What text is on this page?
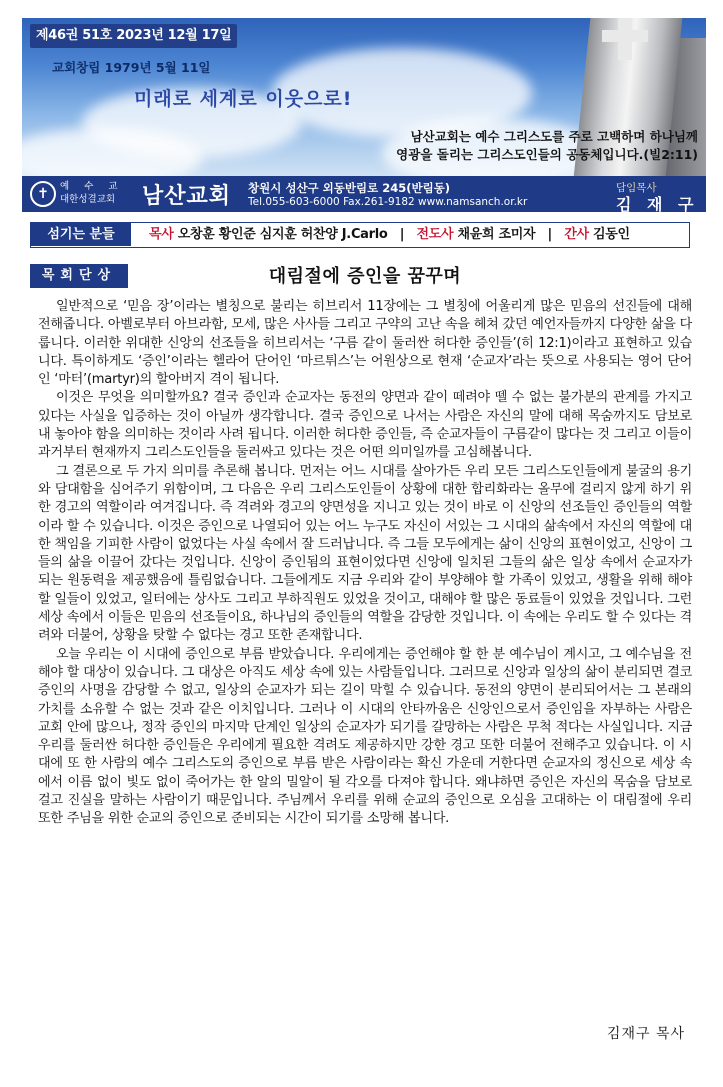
제46권 51호 2023년 12월 17일
교회창립 1979년 5월 11일
미래로 세계로 이웃으로!
남산교회는 예수 그리스도를 주로 고백하며 하나님께
영광을 돌리는 그리스도인들의 공동체입니다.(빌2:11)
✝	예 수 교
대한성결교회	남산교회 창원시 성산구 외동반림로 245(반림동)
Tel.055-603-6000 Fax.261-9182 www.namsanch.or.kr
담임목사
김 재 구
섬기는 분들	목사 오창훈 황인준 심지훈 허찬양 J.Carlo | 전도사 채윤희 조미자 | 간사 김동인
목회단상	대림절에 증인을 꿈꾸며

일반적으로 ‘믿음 장’이라는 별칭으로 불리는 히브리서 11장에는 그 별칭에 어울리게 많은 믿음의 선진들에 대해 전해줍니다. 아벨로부터 아브라함, 모세, 많은 사사들 그리고 구약의 고난 속을 헤쳐 갔던 예언자들까지 다양한 삶을 다룹니다. 이러한 위대한 신앙의 선조들을 히브리서는 ‘구름 같이 둘러싼 허다한 증인들’(히 12:1)이라고 표현하고 있습니다. 특이하게도 ‘증인’이라는 헬라어 단어인 ‘마르튀스’는 어원상으로 현재 ‘순교자’라는 뜻으로 사용되는 영어 단어인 ‘마터’(martyr)의 할아버지 격이 됩니다.

이것은 무엇을 의미할까요? 결국 증인과 순교자는 동전의 양면과 같이 떼려야 뗄 수 없는 불가분의 관계를 가지고 있다는 사실을 입증하는 것이 아닐까 생각합니다. 결국 증인으로 나서는 사람은 자신의 말에 대해 목숨까지도 담보로 내 놓아야 함을 의미하는 것이라 사려 됩니다. 이러한 허다한 증인들, 즉 순교자들이 구름같이 많다는 것 그리고 이들이 과거부터 현재까지 그리스도인들을 둘러싸고 있다는 것은 어떤 의미일까를 고심해봅니다.

그 결론으로 두 가지 의미를 추론해 봅니다. 먼저는 어느 시대를 살아가든 우리 모든 그리스도인들에게 불굴의 용기와 담대함을 심어주기 위함이며, 그 다음은 우리 그리스도인들이 상황에 대한 합리화라는 올무에 걸리지 않게 하기 위한 경고의 역할이라 여겨집니다. 즉 격려와 경고의 양면성을 지니고 있는 것이 바로 이 신앙의 선조들인 증인들의 역할이라 할 수 있습니다. 이것은 증인으로 나열되어 있는 어느 누구도 자신이 서있는 그 시대의 삶속에서 자신의 역할에 대한 책임을 기피한 사람이 없었다는 사실 속에서 잘 드러납니다. 즉 그들 모두에게는 삶이 신앙의 표현이었고, 신앙이 그들의 삶을 이끌어 갔다는 것입니다. 신앙이 증인됨의 표현이었다면 신앙에 일치된 그들의 삶은 일상 속에서 순교자가 되는 원동력을 제공했음에 틀림없습니다. 그들에게도 지금 우리와 같이 부양해야 할 가족이 있었고, 생활을 위해 해야 할 일들이 있었고, 일터에는 상사도 그리고 부하직원도 있었을 것이고, 대해야 할 많은 동료들이 있었을 것입니다. 그런 세상 속에서 이들은 믿음의 선조들이요, 하나님의 증인들의 역할을 감당한 것입니다. 이 속에는 우리도 할 수 있다는 격려와 더불어, 상황을 탓할 수 없다는 경고 또한 존재합니다.

오늘 우리는 이 시대에 증인으로 부름 받았습니다. 우리에게는 증언해야 할 한 분 예수님이 계시고, 그 예수님을 전해야 할 대상이 있습니다. 그 대상은 아직도 세상 속에 있는 사람들입니다. 그러므로 신앙과 일상의 삶이 분리되면 결코 증인의 사명을 감당할 수 없고, 일상의 순교자가 되는 길이 막힐 수 있습니다. 동전의 양면이 분리되어서는 그 본래의 가치를 소유할 수 없는 것과 같은 이치입니다. 그러나 이 시대의 안타까움은 신앙인으로서 증인임을 자부하는 사람은 교회 안에 많으나, 정작 증인의 마지막 단계인 일상의 순교자가 되기를 갈망하는 사람은 무척 적다는 사실입니다. 지금 우리를 둘러싼 허다한 증인들은 우리에게 필요한 격려도 제공하지만 강한 경고 또한 더불어 전해주고 있습니다. 이 시대에 또 한 사람의 예수 그리스도의 증인으로 부름 받은 사람이라는 확신 가운데 거한다면 순교자의 정신으로 세상 속에서 이름 없이 빛도 없이 죽어가는 한 알의 밀알이 될 각오를 다져야 합니다. 왜냐하면 증인은 자신의 목숨을 담보로 걸고 진실을 말하는 사람이기 때문입니다. 주님께서 우리를 위해 순교의 증인으로 오심을 고대하는 이 대림절에 우리 또한 주님을 위한 순교의 증인으로 준비되는 시간이 되기를 소망해 봅니다.

김재구 목사
